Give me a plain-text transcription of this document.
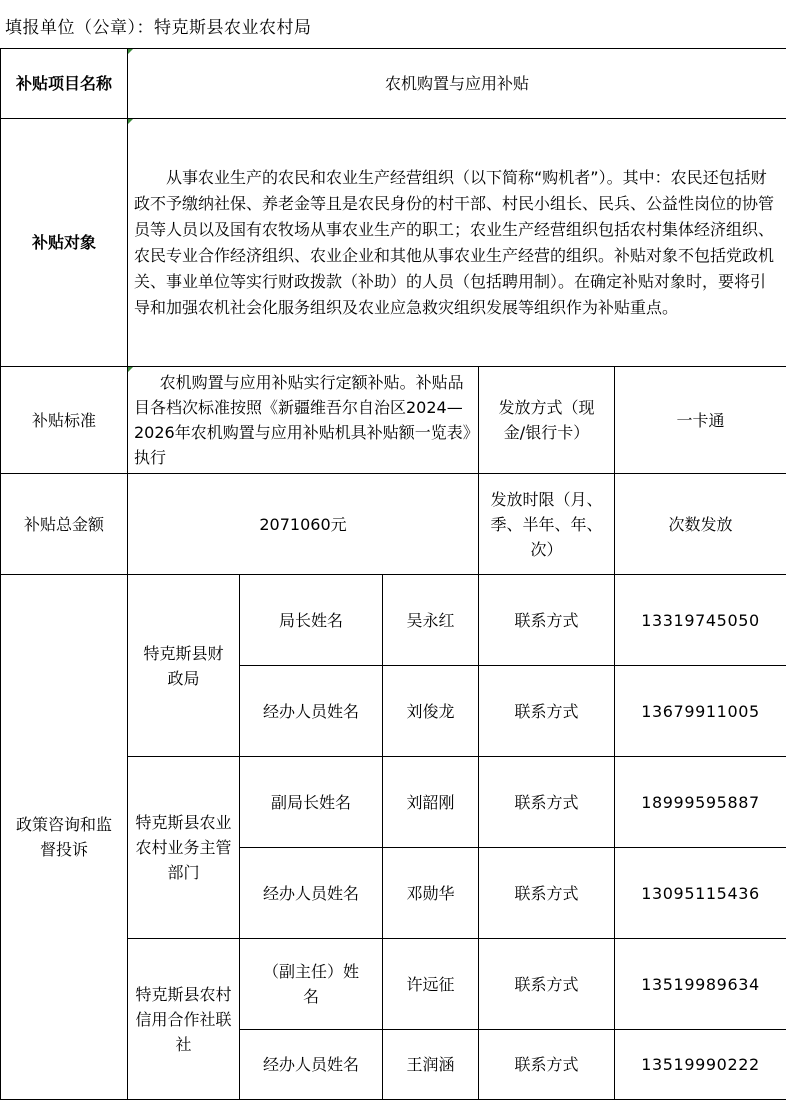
填报单位（公章）：特克斯县农业农村局
补贴项目名称	农机购置与应用补贴				
补贴对象	从事农业生产的农民和农业生产经营组织（以下简称“购机者”）。其中：农民还包括财政不予缴纳社保、养老金等且是农民身份的村干部、村民小组长、民兵、公益性岗位的协管员等人员以及国有农牧场从事农业生产的职工；农业生产经营组织包括农村集体经济组织、农民专业合作经济组织、农业企业和其他从事农业生产经营的组织。补贴对象不包括党政机关、事业单位等实行财政拨款（补助）的人员（包括聘用制）。在确定补贴对象时，要将引导和加强农机社会化服务组织及农业应急救灾组织发展等组织作为补贴重点。				
补贴标准	农机购置与应用补贴实行定额补贴。补贴品目各档次标准按照《新疆维吾尔自治区2024—2026年农机购置与应用补贴机具补贴额一览表》执行			发放方式（现金/银行卡）	一卡通
补贴总金额	2071060元			发放时限（月、季、半年、年、次）	次数发放
政策咨询和监督投诉	特克斯县财政局	局长姓名	吴永红	联系方式	13319745050
		经办人员姓名	刘俊龙	联系方式	13679911005
	特克斯县农业农村业务主管部门	副局长姓名	刘韶刚	联系方式	18999595887
		经办人员姓名	邓勋华	联系方式	13095115436
	特克斯县农村信用合作社联社	（副主任）姓名	许远征	联系方式	13519989634
		经办人员姓名	王润涵	联系方式	13519990222
